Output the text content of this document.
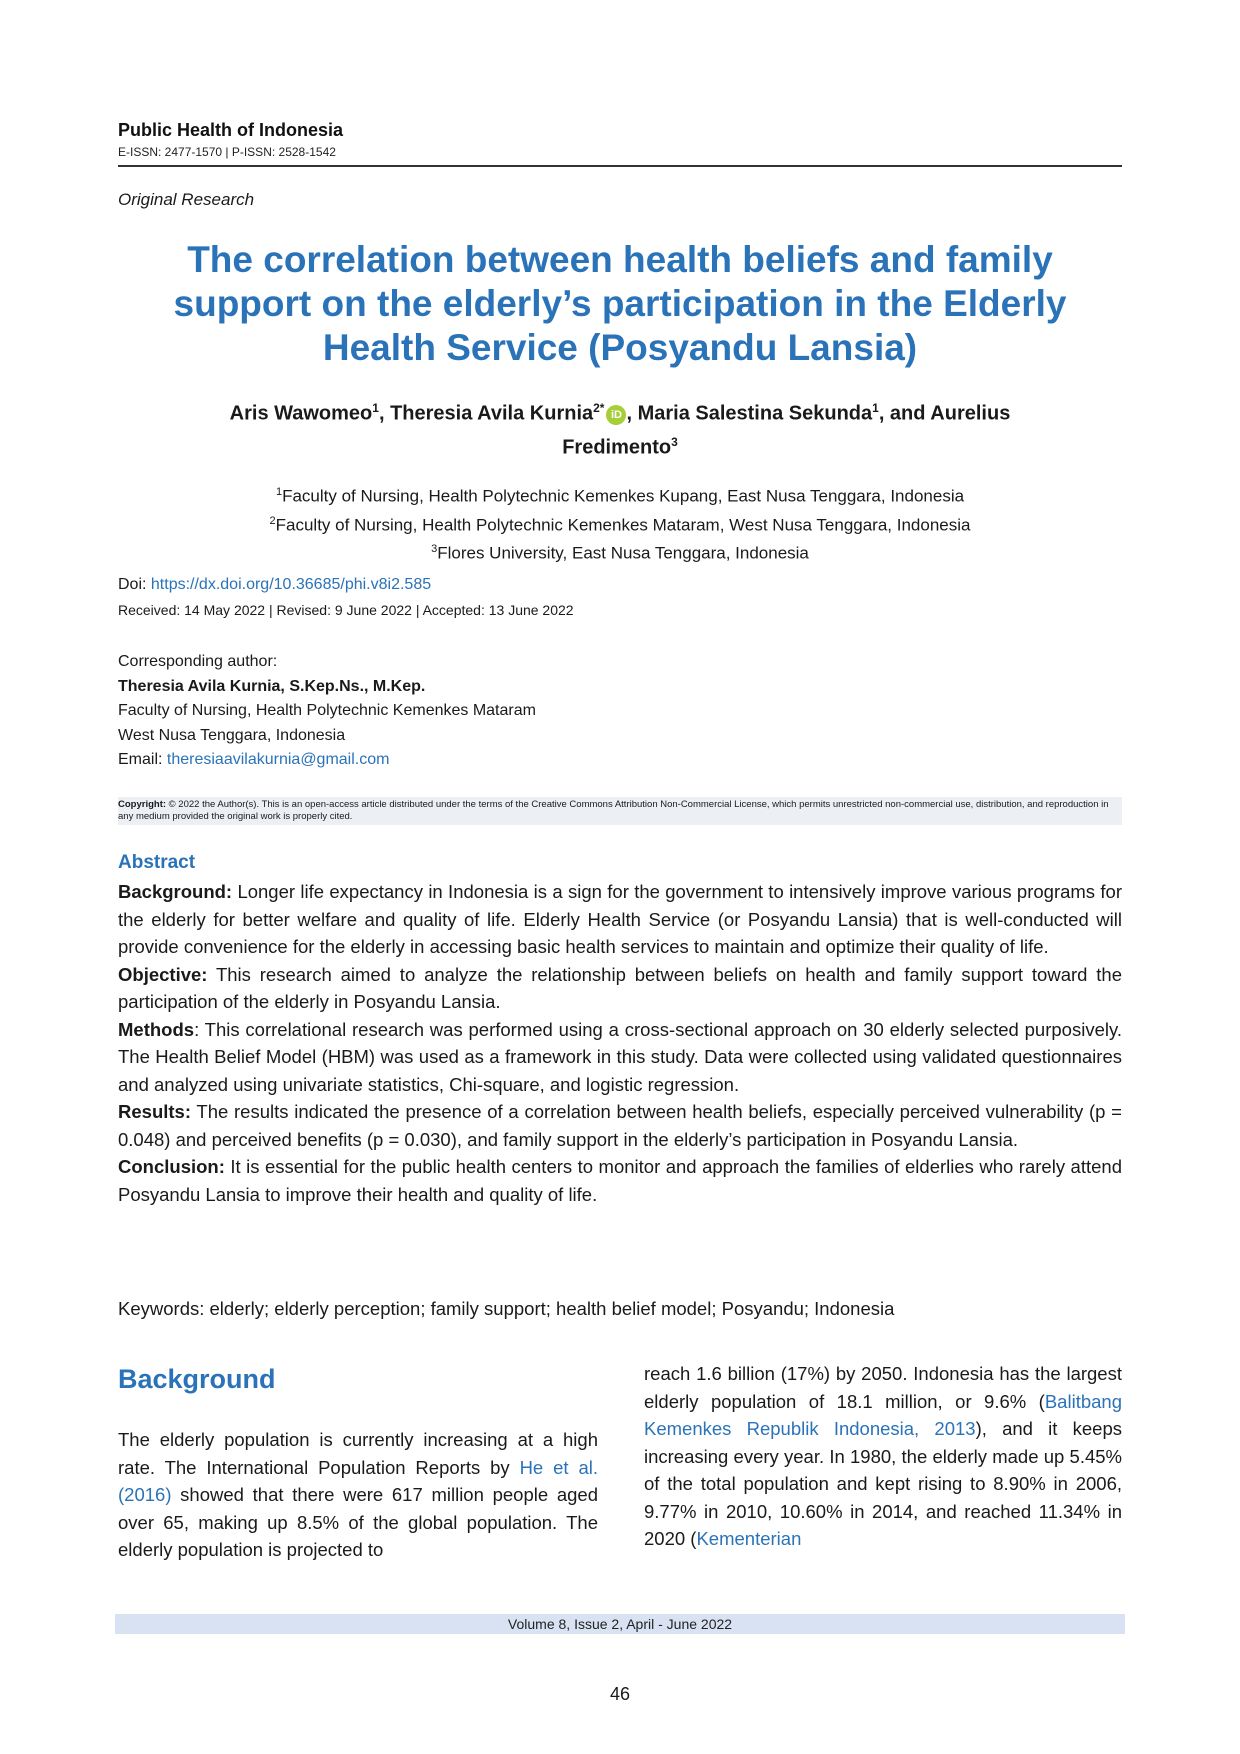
Public Health of Indonesia
E-ISSN: 2477-1570 | P-ISSN: 2528-1542
Original Research
The correlation between health beliefs and family
support on the elderly’s participation in the Elderly
Health Service (Posyandu Lansia)
Aris Wawomeo$^1$, Theresia Avila Kurnia$^{2*}$ iD , Maria Salestina Sekunda$^1$, and Aurelius
Fredimento$^3$
$^1$Faculty of Nursing, Health Polytechnic Kemenkes Kupang, East Nusa Tenggara, Indonesia
$^2$Faculty of Nursing, Health Polytechnic Kemenkes Mataram, West Nusa Tenggara, Indonesia
$^3$Flores University, East Nusa Tenggara, Indonesia
Doi: https://dx.doi.org/10.36685/phi.v8i2.585
Received: 14 May 2022 | Revised: 9 June 2022 | Accepted: 13 June 2022
Corresponding author:
Theresia Avila Kurnia, S.Kep.Ns., M.Kep.
Faculty of Nursing, Health Polytechnic Kemenkes Mataram
West Nusa Tenggara, Indonesia
Email: theresiaavilakurnia@gmail.com
Copyright: © 2022 the Author(s). This is an open-access article distributed under the terms of the Creative Commons Attribution Non-Commercial License, which permits unrestricted non-commercial use, distribution, and reproduction in any medium provided the original work is properly cited.
Abstract

Background: Longer life expectancy in Indonesia is a sign for the government to intensively improve various programs for the elderly for better welfare and quality of life. Elderly Health Service (or Posyandu Lansia) that is well-conducted will provide convenience for the elderly in accessing basic health services to maintain and optimize their quality of life.

Objective: This research aimed to analyze the relationship between beliefs on health and family support toward the participation of the elderly in Posyandu Lansia.

Methods: This correlational research was performed using a cross-sectional approach on 30 elderly selected purposively. The Health Belief Model (HBM) was used as a framework in this study. Data were collected using validated questionnaires and analyzed using univariate statistics, Chi-square, and logistic regression.

Results: The results indicated the presence of a correlation between health beliefs, especially perceived vulnerability (p = 0.048) and perceived benefits (p = 0.030), and family support in the elderly’s participation in Posyandu Lansia.

Conclusion: It is essential for the public health centers to monitor and approach the families of elderlies who rarely attend Posyandu Lansia to improve their health and quality of life.

Keywords: elderly; elderly perception; family support; health belief model; Posyandu; Indonesia
Background
The elderly population is currently increasing at a high rate. The International Population Reports by He et al. (2016) showed that there were 617 million people aged over 65, making up 8.5% of the global population. The elderly population is projected to
reach 1.6 billion (17%) by 2050. Indonesia has the largest elderly population of 18.1 million, or 9.6% (Balitbang Kemenkes Republik Indonesia, 2013), and it keeps increasing every year. In 1980, the elderly made up 5.45% of the total population and kept rising to 8.90% in 2006, 9.77% in 2010, 10.60% in 2014, and reached 11.34% in 2020 (Kementerian
Volume 8, Issue 2, April - June 2022
46
